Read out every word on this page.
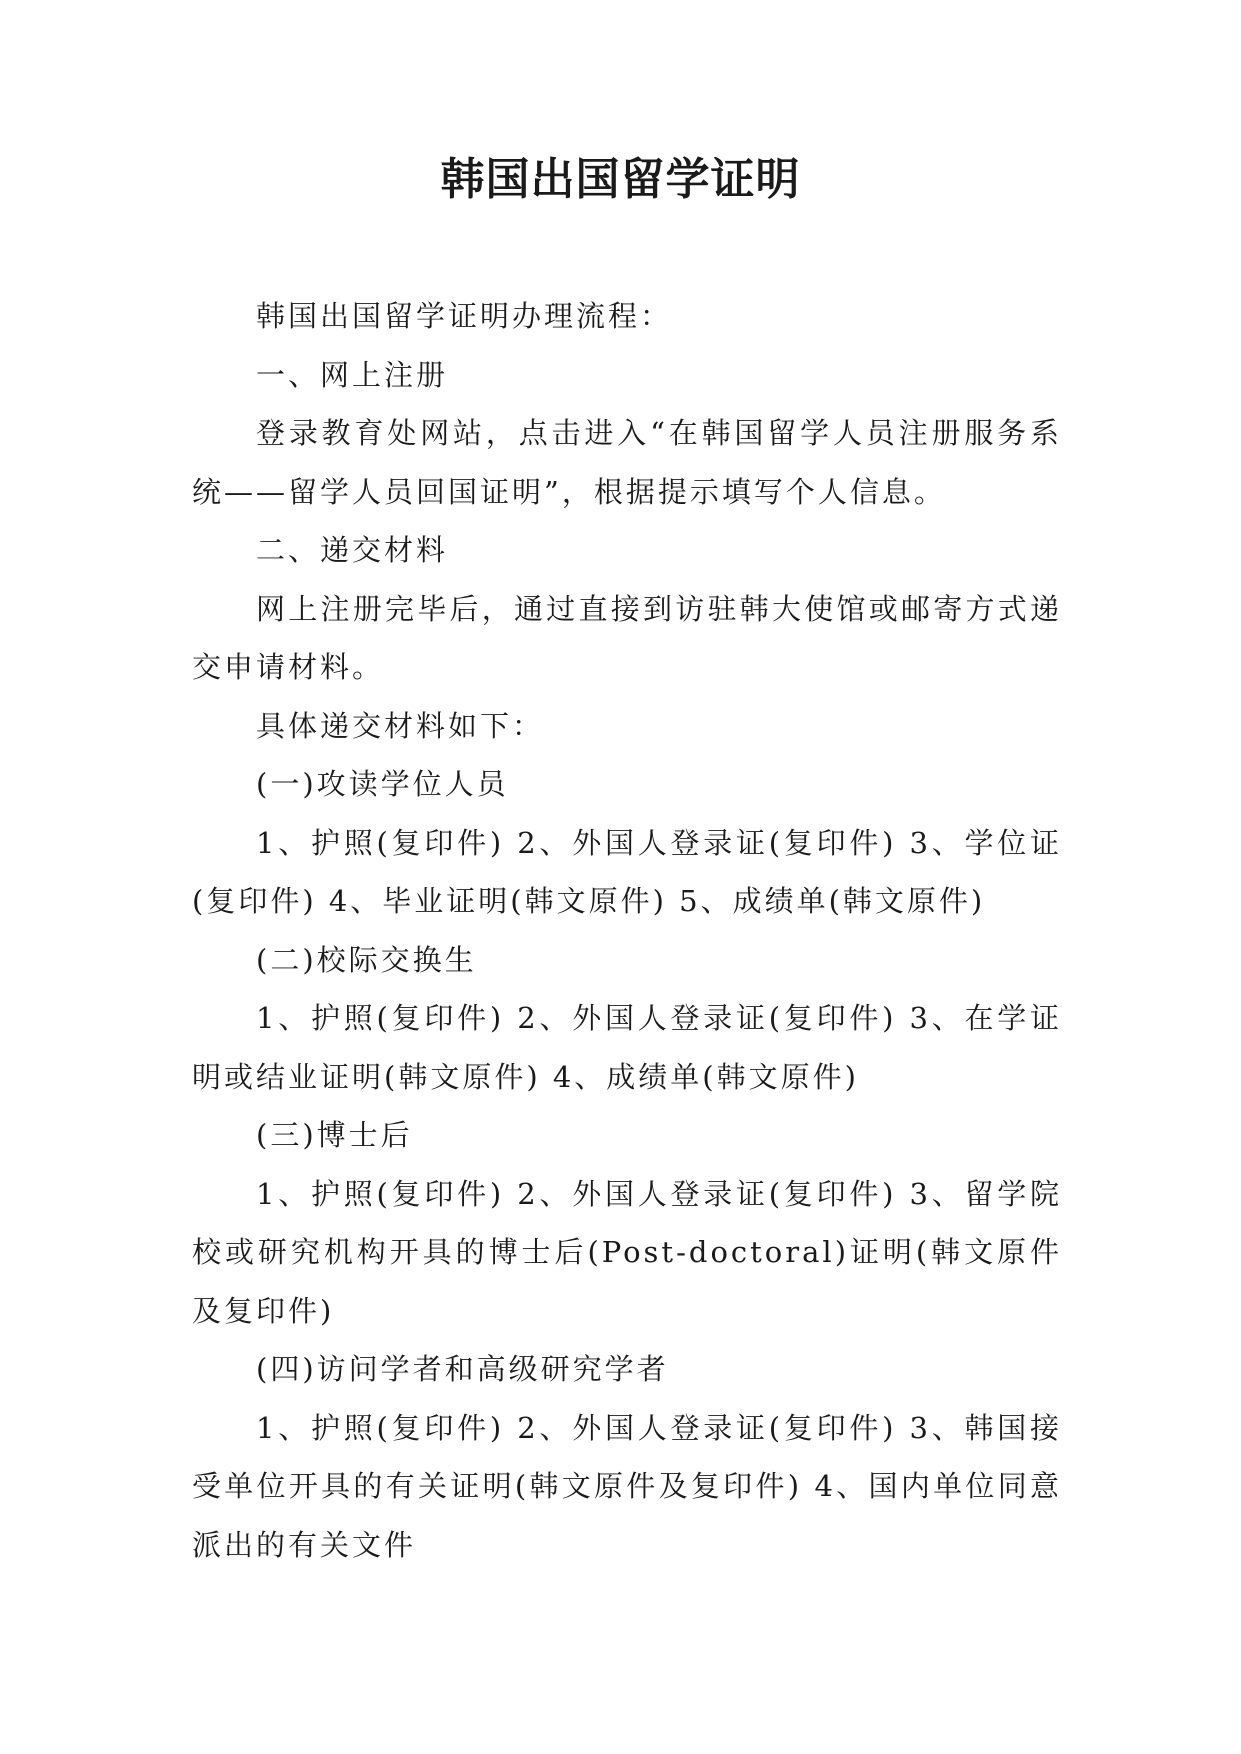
韩国出国留学证明

韩国出国留学证明办理流程：

一、网上注册

登录教育处网站，点击进入“在韩国留学人员注册服务系统——留学人员回国证明”，根据提示填写个人信息。

二、递交材料

网上注册完毕后，通过直接到访驻韩大使馆或邮寄方式递交申请材料。

具体递交材料如下：

(一)攻读学位人员

1、护照(复印件) 2、外国人登录证(复印件) 3、学位证(复印件) 4、毕业证明(韩文原件) 5、成绩单(韩文原件)

(二)校际交换生

1、护照(复印件) 2、外国人登录证(复印件) 3、在学证明或结业证明(韩文原件) 4、成绩单(韩文原件)

(三)博士后

1、护照(复印件) 2、外国人登录证(复印件) 3、留学院校或研究机构开具的博士后(Post-doctoral)证明(韩文原件及复印件)

(四)访问学者和高级研究学者

1、护照(复印件) 2、外国人登录证(复印件) 3、韩国接受单位开具的有关证明(韩文原件及复印件) 4、国内单位同意派出的有关文件
